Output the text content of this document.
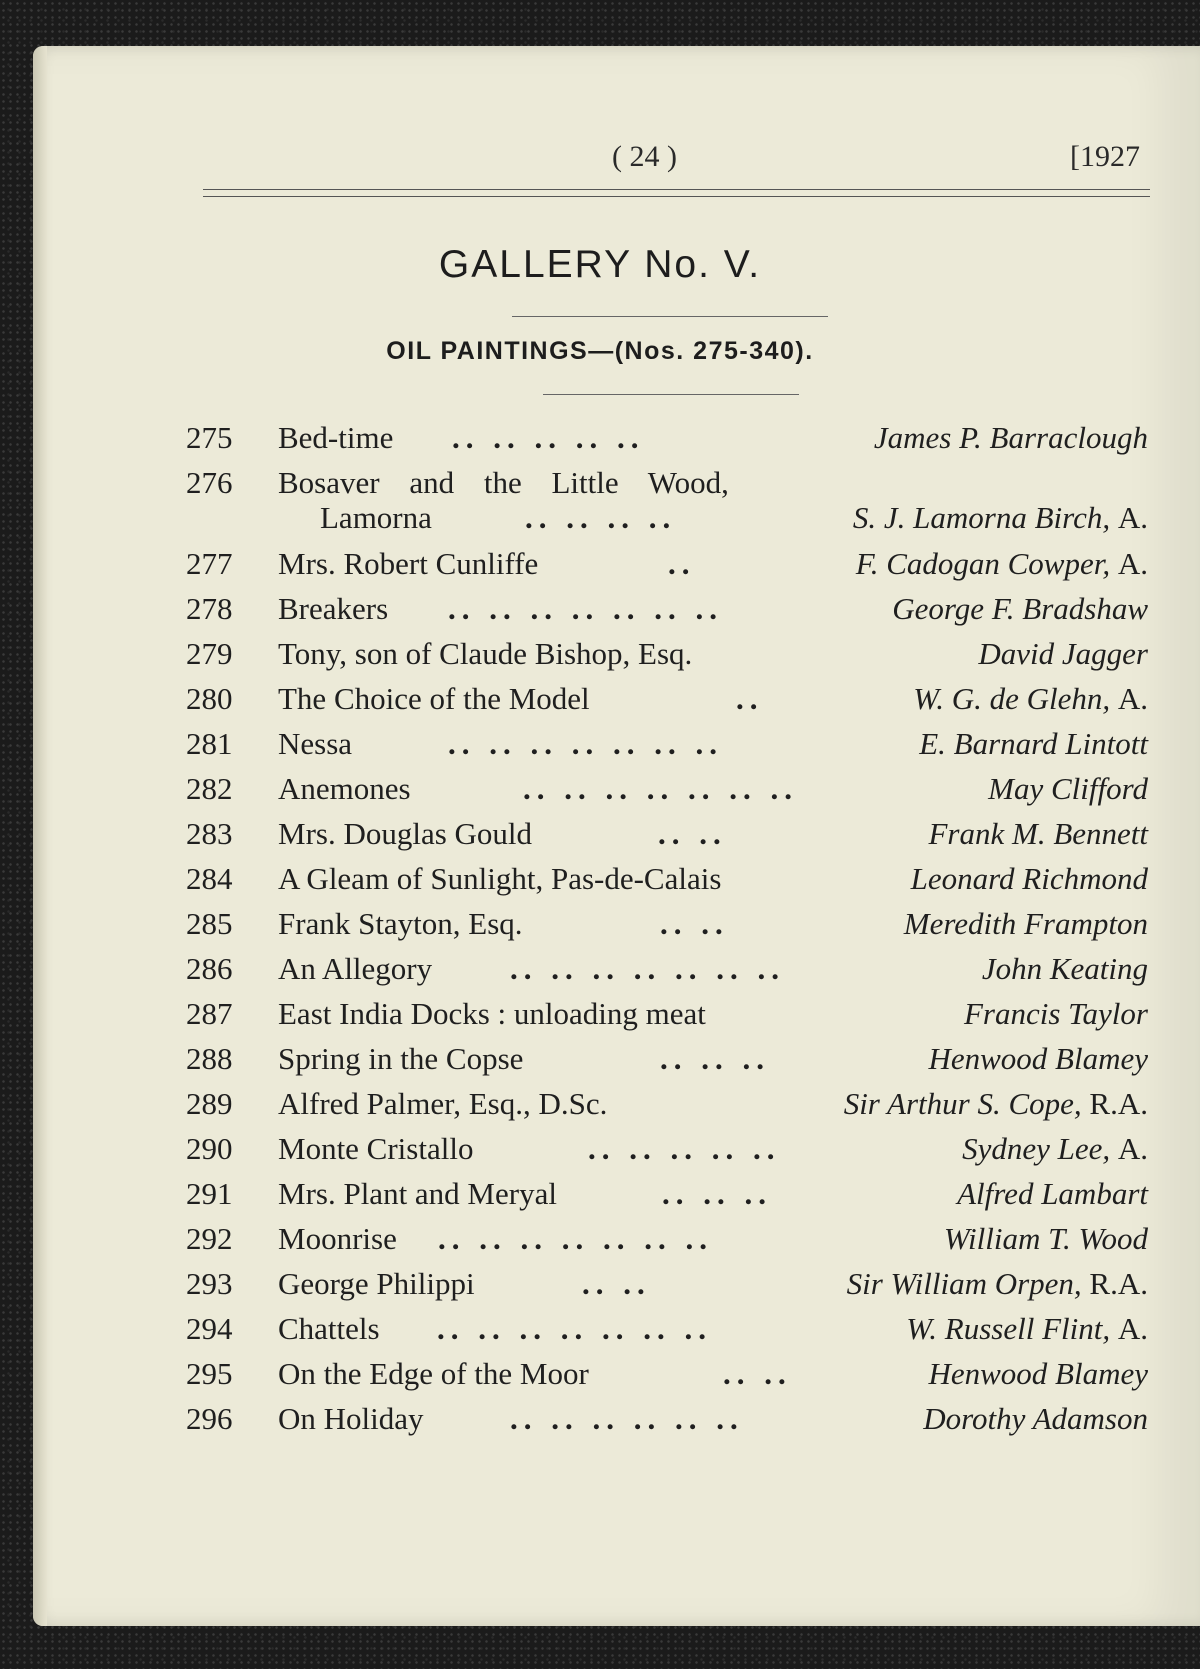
( 24 )	[1927
GALLERY No. V.
OIL PAINTINGS—(Nos. 275-340).
275	Bed-time .. .. .. .. ..	James P. Barraclough
276	Bosaver and the Little Wood,
Lamorna	.. .. .. ..	S. J. Lamorna Birch, A.
277	Mrs. Robert Cunliffe	..	F. Cadogan Cowper, A.
278	Breakers .. .. .. .. .. .. ..	George F. Bradshaw
279	Tony, son of Claude Bishop, Esq.	David Jagger
280	The Choice of the Model	..	W. G. de Glehn, A.
281	Nessa	.. .. .. .. .. .. ..	E. Barnard Lintott
282	Anemones	.. .. .. .. .. .. ..	May Clifford
283	Mrs. Douglas Gould	.. ..	Frank M. Bennett
284	A Gleam of Sunlight, Pas-de-Calais	Leonard Richmond
285	Frank Stayton, Esq.	.. ..	Meredith Frampton
286	An Allegory	.. .. .. .. .. .. ..	John Keating
287	East India Docks : unloading meat	Francis Taylor
288	Spring in the Copse	.. .. ..	Henwood Blamey
289	Alfred Palmer, Esq., D.Sc.	Sir Arthur S. Cope, R.A.
290	Monte Cristallo	.. .. .. .. ..	Sydney Lee, A.
291	Mrs. Plant and Meryal	.. .. ..	Alfred Lambart
292	Moonrise .. .. .. .. .. .. ..	William T. Wood
293	George Philippi	.. ..	Sir William Orpen, R.A.
294	Chattels .. .. .. .. .. .. ..	W. Russell Flint, A.
295	On the Edge of the Moor	.. ..	Henwood Blamey
296	On Holiday	.. .. .. .. .. ..	Dorothy Adamson
